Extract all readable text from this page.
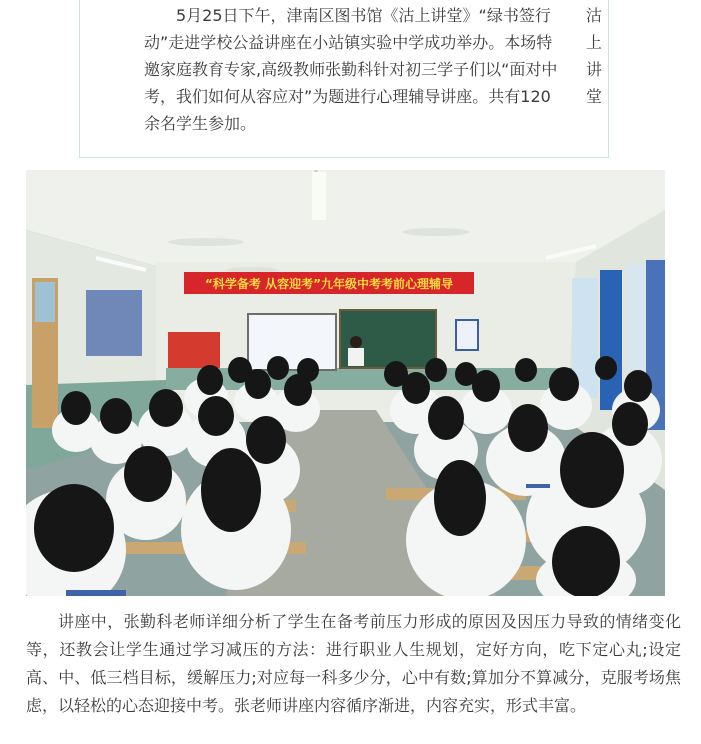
5月25日下午，津南区图书馆《沽上讲堂》“绿书签行动”走进学校公益讲座在小站镇实验中学成功举办。本场特邀家庭教育专家,高级教师张勤科针对初三学子们以“面对中考，我们如何从容应对”为题进行心理辅导讲座。共有120余名学生参加。

沽
上
讲
堂
“科学备考 从容迎考”九年级中考考前心理辅导

讲座中，张勤科老师详细分析了学生在备考前压力形成的原因及因压力导致的情绪变化等，还教会让学生通过学习减压的方法：进行职业人生规划，定好方向，吃下定心丸;设定高、中、低三档目标，缓解压力;对应每一科多少分，心中有数;算加分不算减分，克服考场焦虑，以轻松的心态迎接中考。张老师讲座内容循序渐进，内容充实，形式丰富。
